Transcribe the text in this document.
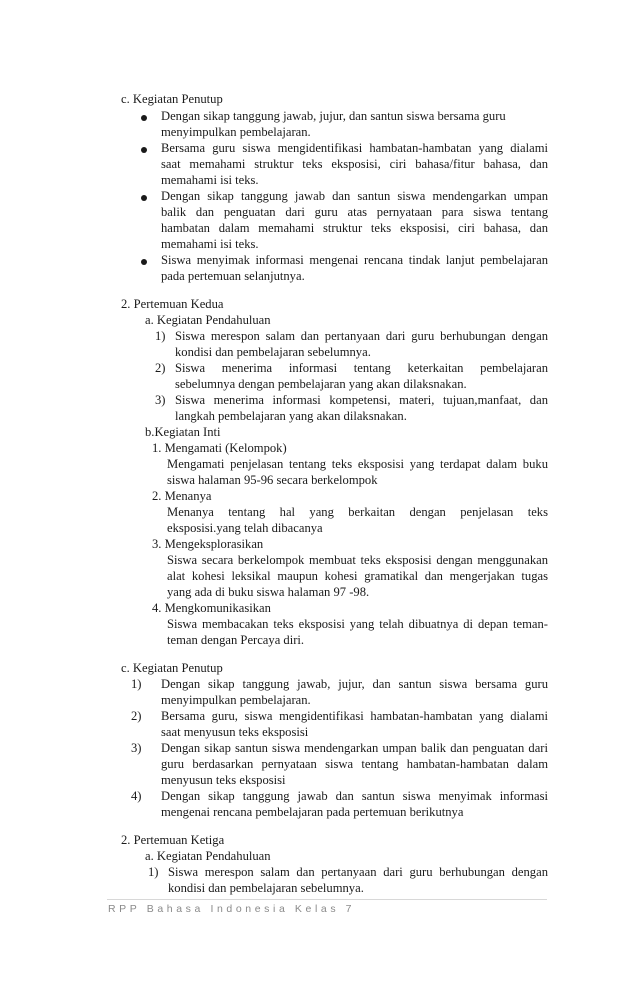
c. Kegiatan Penutup
Dengan sikap tanggung jawab, jujur, dan santun siswa bersama guru
menyimpulkan pembelajaran.
Bersama guru siswa mengidentifikasi hambatan-hambatan yang dialami
saat memahami struktur teks eksposisi, ciri bahasa/fitur bahasa, dan
memahami isi teks.
Dengan sikap tanggung jawab dan santun siswa mendengarkan umpan
balik dan penguatan dari guru atas pernyataan para siswa tentang
hambatan dalam memahami struktur teks eksposisi, ciri bahasa, dan
memahami isi teks.
Siswa menyimak informasi mengenai rencana tindak lanjut pembelajaran
pada pertemuan selanjutnya.
2. Pertemuan Kedua
a. Kegiatan Pendahuluan
1) Siswa merespon salam dan pertanyaan dari guru berhubungan dengan
kondisi dan pembelajaran sebelumnya.
2) Siswa menerima informasi tentang keterkaitan pembelajaran
sebelumnya dengan pembelajaran yang akan dilaksnakan.
3) Siswa menerima informasi kompetensi, materi, tujuan,manfaat, dan
langkah pembelajaran yang akan dilaksnakan.
b.Kegiatan Inti
1. Mengamati (Kelompok)
Mengamati penjelasan tentang teks eksposisi yang terdapat dalam buku
siswa halaman 95-96 secara berkelompok
2. Menanya
Menanya tentang hal yang berkaitan dengan penjelasan teks
eksposisi.yang telah dibacanya
3. Mengeksplorasikan
Siswa secara berkelompok membuat teks eksposisi dengan menggunakan
alat kohesi leksikal maupun kohesi gramatikal dan mengerjakan tugas
yang ada di buku siswa halaman 97 -98.
4. Mengkomunikasikan
Siswa membacakan teks eksposisi yang telah dibuatnya di depan teman-
teman dengan Percaya diri.
c. Kegiatan Penutup
1) Dengan sikap tanggung jawab, jujur, dan santun siswa bersama guru
menyimpulkan pembelajaran.
2) Bersama guru, siswa mengidentifikasi hambatan-hambatan yang dialami
saat menyusun teks eksposisi
3) Dengan sikap santun siswa mendengarkan umpan balik dan penguatan dari
guru berdasarkan pernyataan siswa tentang hambatan-hambatan dalam
menyusun teks eksposisi
4) Dengan sikap tanggung jawab dan santun siswa menyimak informasi
mengenai rencana pembelajaran pada pertemuan berikutnya
2. Pertemuan Ketiga
a. Kegiatan Pendahuluan
1) Siswa merespon salam dan pertanyaan dari guru berhubungan dengan
kondisi dan pembelajaran sebelumnya.
RPP Bahasa Indonesia Kelas 7
